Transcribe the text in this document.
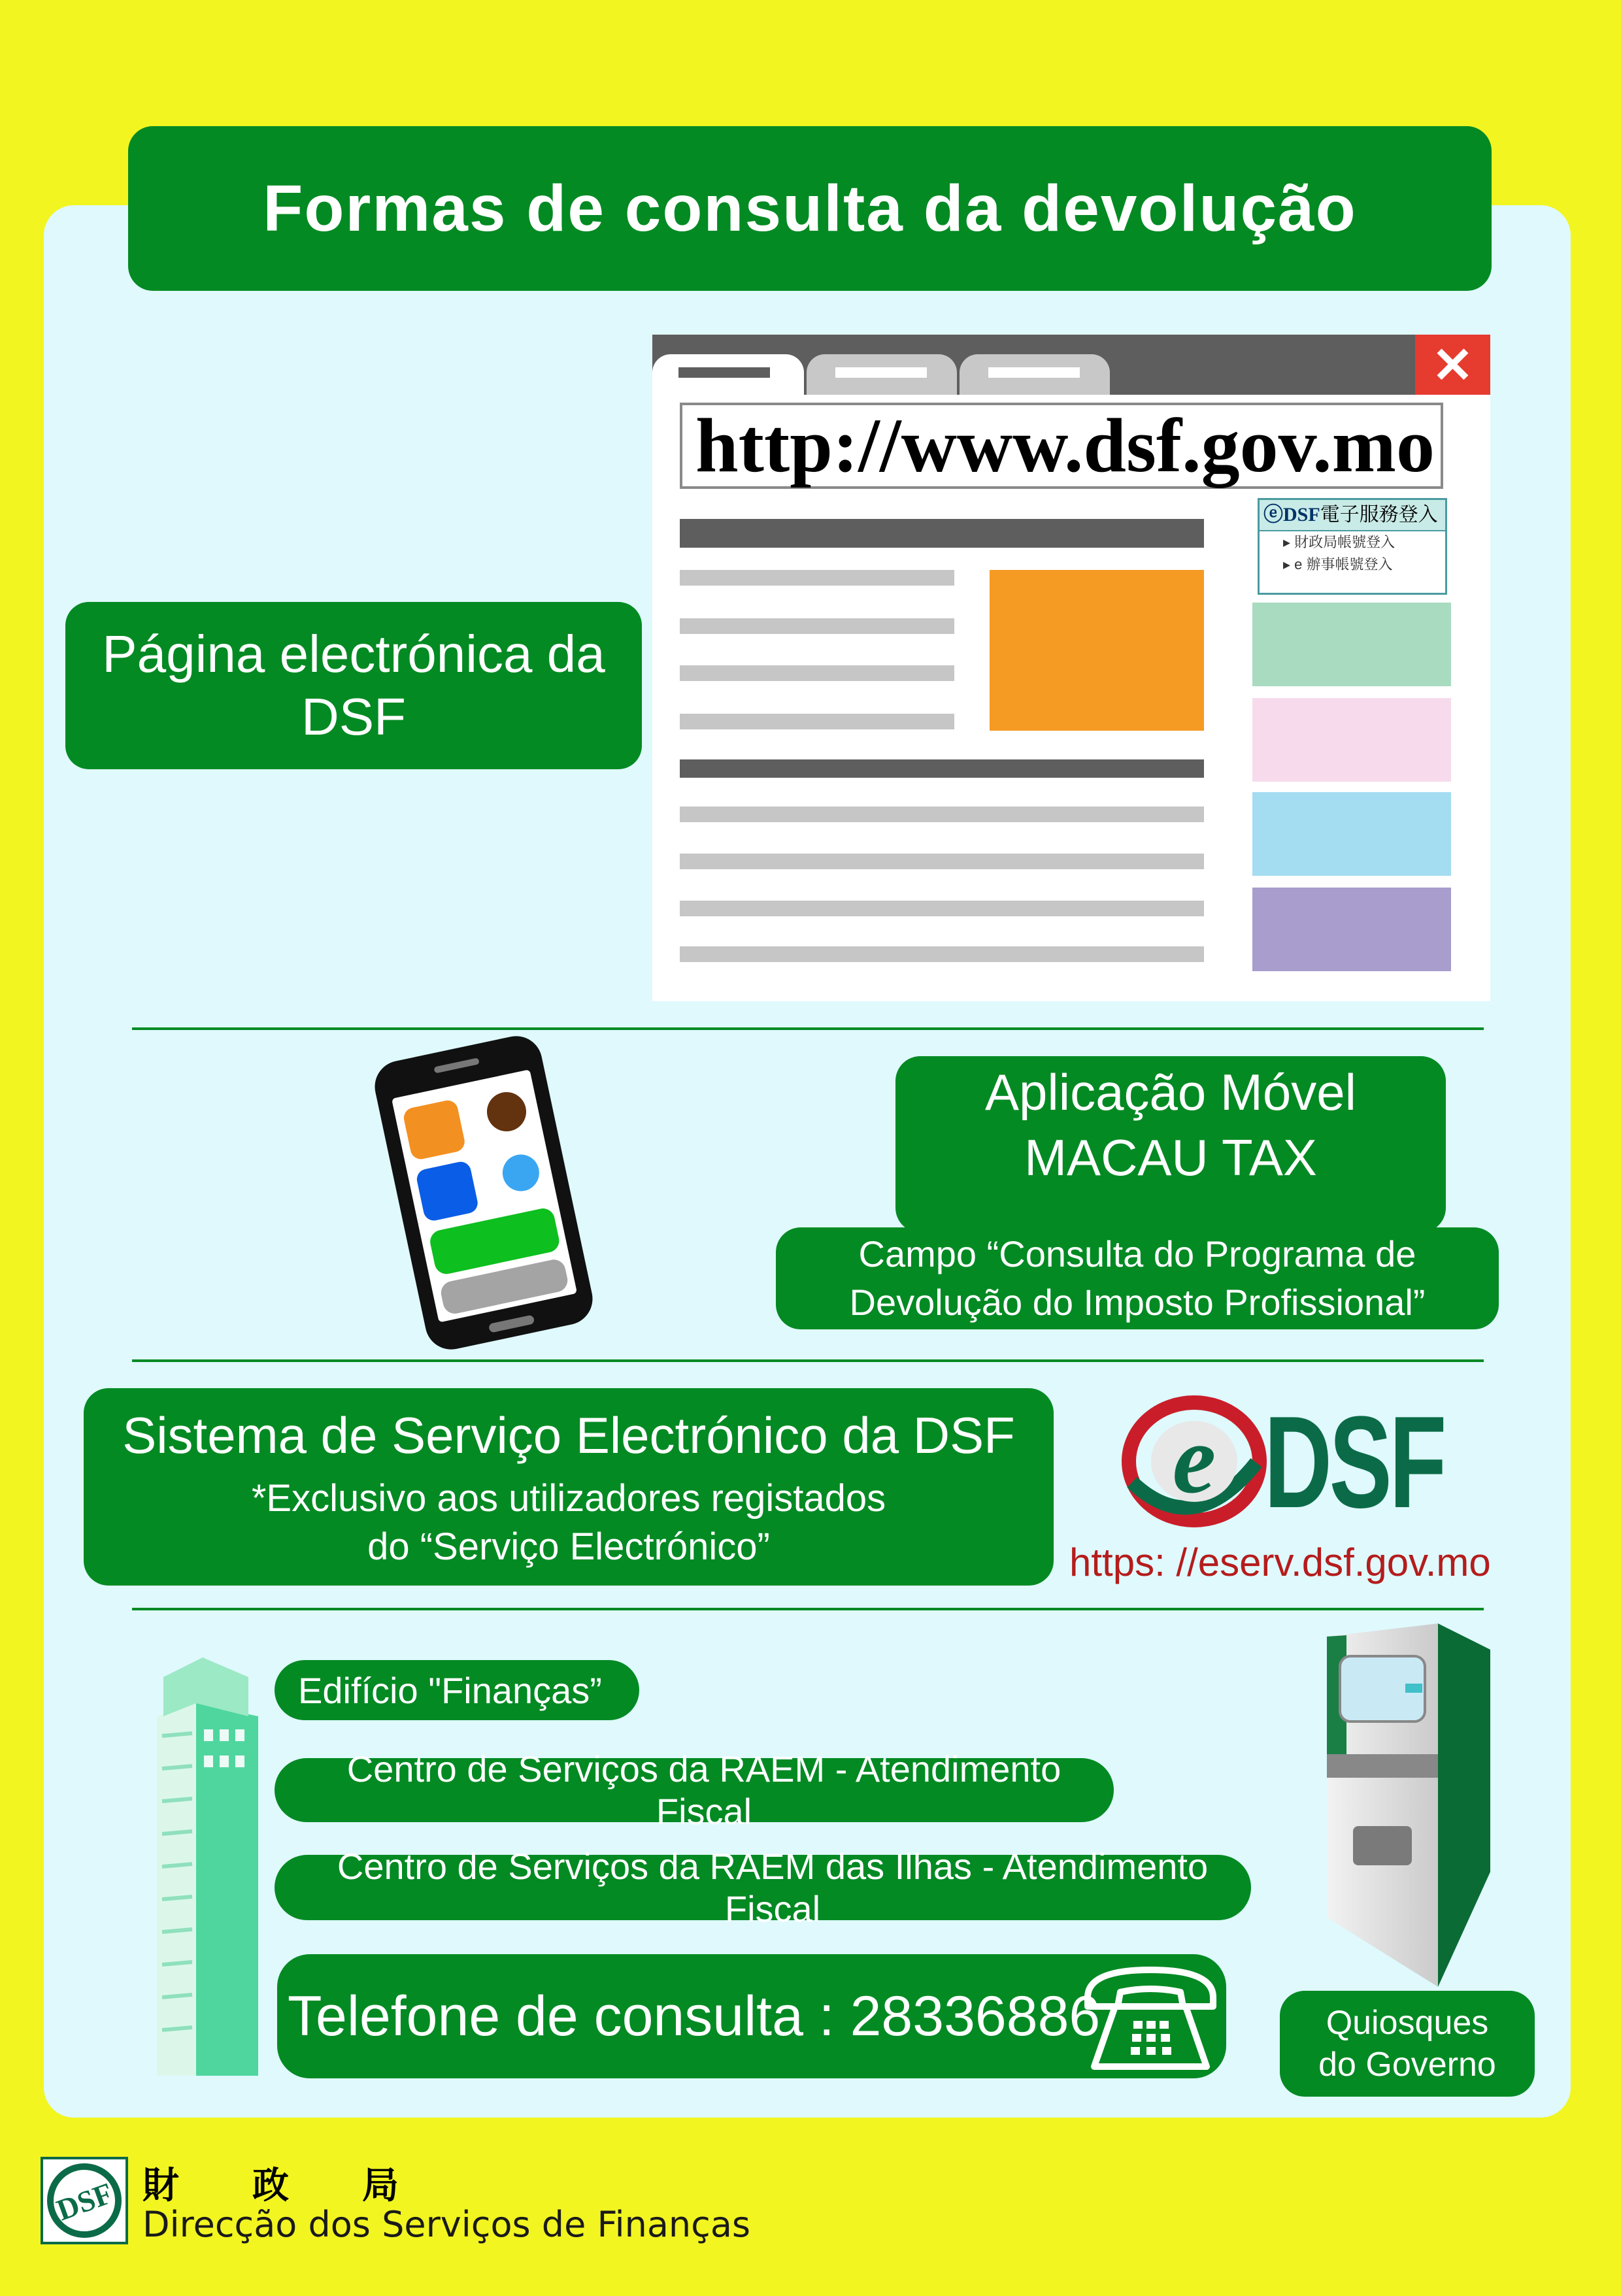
Formas de consulta da devolução
Página electrónica da DSF
✕
http://www.dsf.gov.mo
ⓔDSF電子服務登入
▸ 財政局帳號登入
▸ e 辦事帳號登入
Aplicação Móvel
MACAU TAX
Campo “Consulta do Programa de
Devolução do Imposto Profissional”
Sistema de Serviço Electrónico da DSF
*Exclusivo aos utilizadores registados
do “Serviço Electrónico”
e DSF
https: //eserv.dsf.gov.mo
Edifício "Finanças”
Centro de Serviços da RAEM - Atendimento Fiscal
Centro de Serviços da RAEM das Ilhas - Atendimento Fiscal
Telefone de consulta : 28336886	Quiosques
do Governo
DSF 財　　政　　局
Direcção dos Serviços de Finanças
